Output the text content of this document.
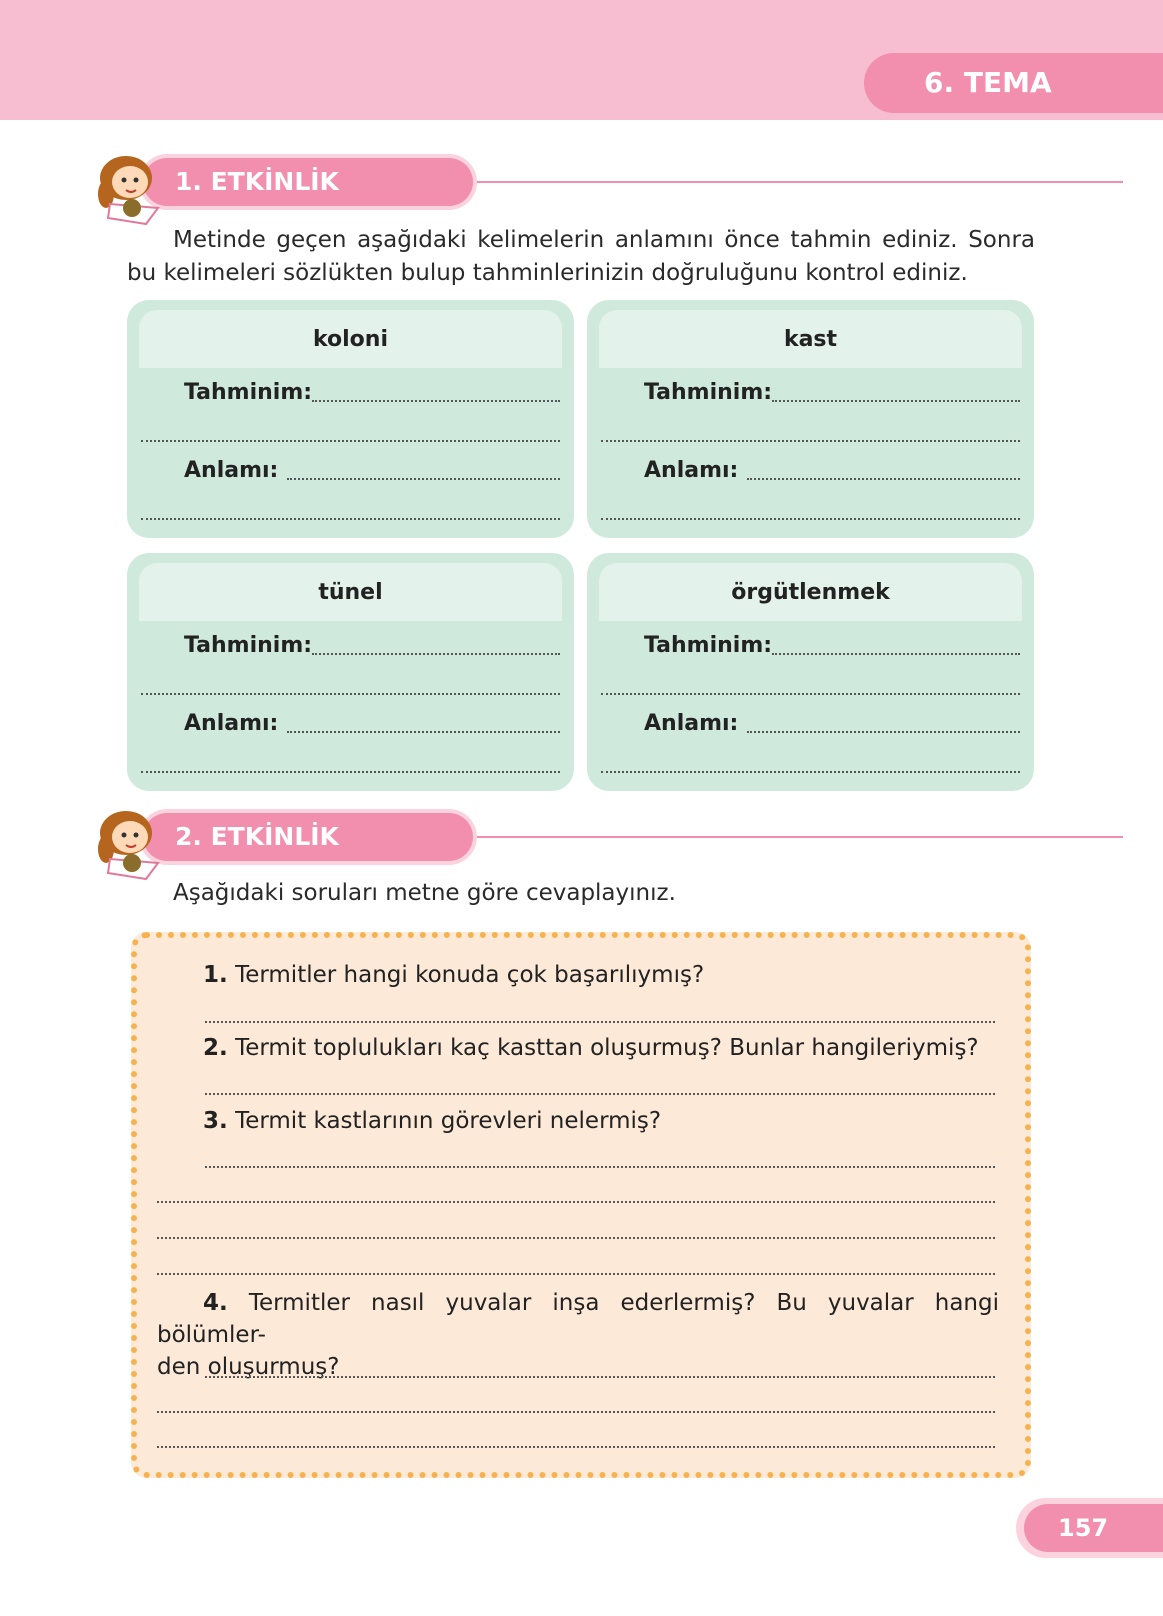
6. TEMA
1. ETKİNLİK
Metinde geçen aşağıdaki kelimelerin anlamını önce tahmin ediniz. Sonra bu kelimeleri sözlükten bulup tahminlerinizin doğruluğunu kontrol ediniz.
koloni
Tahminim:
Anlamı:
kast
Tahminim:
Anlamı:
tünel
Tahminim:
Anlamı:
örgütlenmek
Tahminim:
Anlamı:
2. ETKİNLİK
Aşağıdaki soruları metne göre cevaplayınız.
1. Termitler hangi konuda çok başarılıymış?
2. Termit toplulukları kaç kasttan oluşurmuş? Bunlar hangileriymiş?
3. Termit kastlarının görevleri nelermiş?
4. Termitler nasıl yuvalar inşa ederlermiş? Bu yuvalar hangi bölümler-
den oluşurmuş?
157
